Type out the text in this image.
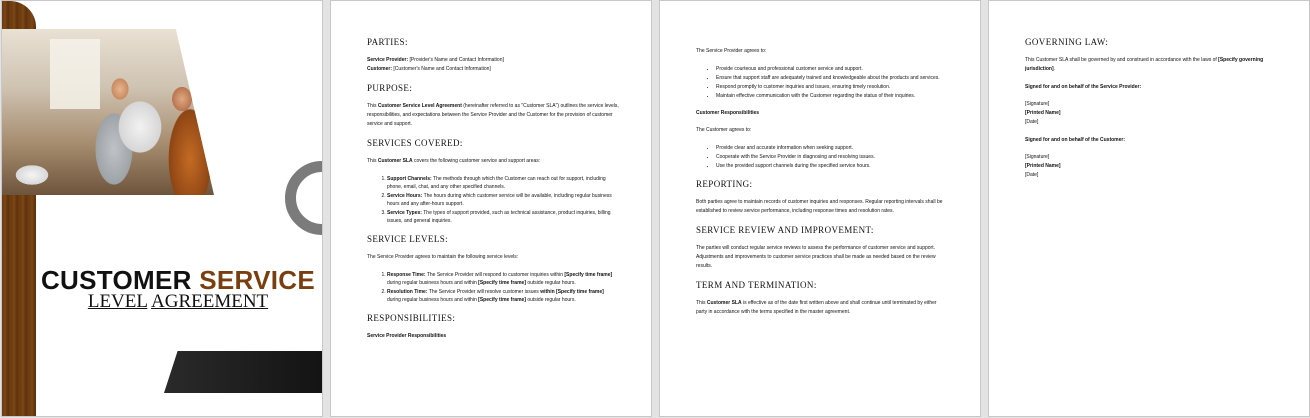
CUSTOMER SERVICE
LEVEL AGREEMENT
PARTIES:
Service Provider: [Provider's Name and Contact Information]
Customer: [Customer's Name and Contact Information]
PURPOSE:
This Customer Service Level Agreement (hereinafter referred to as "Customer SLA") outlines the service levels, responsibilities, and expectations between the Service Provider and the Customer for the provision of customer service and support.
SERVICES COVERED:
This Customer SLA covers the following customer service and support areas:
1. Support Channels: The methods through which the Customer can reach out for support, including phone, email, chat, and any other specified channels.
2. Service Hours: The hours during which customer service will be available, including regular business hours and any after-hours support.
3. Service Types: The types of support provided, such as technical assistance, product inquiries, billing issues, and general inquiries.
SERVICE LEVELS:
The Service Provider agrees to maintain the following service levels:
1. Response Time: The Service Provider will respond to customer inquiries within [Specify time frame] during regular business hours and within [Specify time frame] outside regular hours.
2. Resolution Time: The Service Provider will resolve customer issues within [Specify time frame] during regular business hours and within [Specify time frame] outside regular hours.
RESPONSIBILITIES:
Service Provider Responsibilities
The Service Provider agrees to:
• Provide courteous and professional customer service and support.
• Ensure that support staff are adequately trained and knowledgeable about the products and services.
• Respond promptly to customer inquiries and issues, ensuring timely resolution.
• Maintain effective communication with the Customer regarding the status of their inquiries.
Customer Responsibilities
The Customer agrees to:
• Provide clear and accurate information when seeking support.
• Cooperate with the Service Provider in diagnosing and resolving issues.
• Use the provided support channels during the specified service hours.
REPORTING:
Both parties agree to maintain records of customer inquiries and responses. Regular reporting intervals shall be established to review service performance, including response times and resolution rates.
SERVICE REVIEW AND IMPROVEMENT:
The parties will conduct regular service reviews to assess the performance of customer service and support. Adjustments and improvements to customer service practices shall be made as needed based on the review results.
TERM AND TERMINATION:
This Customer SLA is effective as of the date first written above and shall continue until terminated by either party in accordance with the terms specified in the master agreement.
GOVERNING LAW:
This Customer SLA shall be governed by and construed in accordance with the laws of [Specify governing jurisdiction].
Signed for and on behalf of the Service Provider:
[Signature]
[Printed Name]
[Date]
Signed for and on behalf of the Customer:
[Signature]
[Printed Name]
[Date]
